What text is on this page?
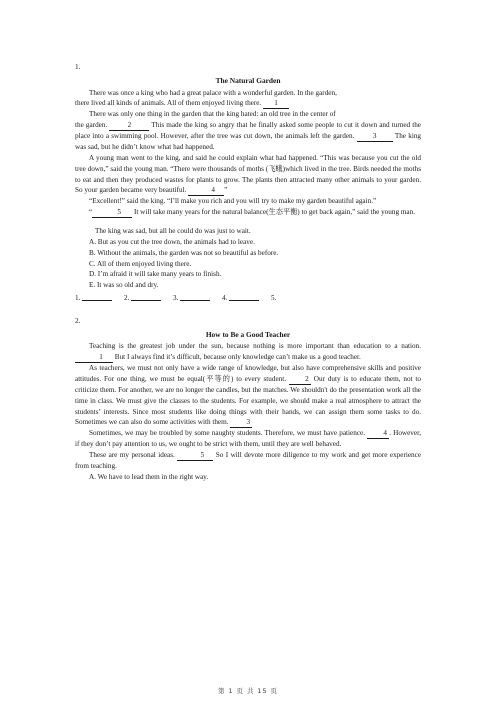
1.
The Natural Garden

There was once a king who had a great palace with a wonderful garden. In the garden,

there lived all kinds of animals. All of them enjoyed living there. 1

There was only one thing in the garden that the king hated: an old tree in the center of

the garden.	2	This made the king so angry that he finally asked some people to cut it down and turned the place into a swimming pool. However, after the tree was cut down, the animals left the garden.	3	The king was sad, but he didn’t know what had happened.

A young man went to the king, and said he could explain what had happened. “This was because you cut the old tree down,” said the young man. “There were thousands of moths (飞蛾)which lived in the tree. Birds needed the moths to eat and then they produced wastes for plants to grow. The plants then attracted many other animals to your garden. So your garden became very beautiful.	4 ”

“Excellent!” said the king. “I’ll make you rich and you will try to make my garden beautiful again.”

“	5 It will take many years for the natural balance(生态平衡) to get back again,” said the young man.

The king was sad, but all he could do was just to wait.
A. But as you cut the tree down, the animals had to leave.
B. Without the animals, the garden was not so beautiful as before.
C. All of them enjoyed living there.
D. I’m afraid it will take many years to finish.
E. It was so old and dry.
1.	2.	3.	4.	5.
2.
How to Be a Good Teacher

Teaching is the greatest job under the sun, because nothing is more important than education to a nation. 1 But I always find it’s difficult, because only knowledge can’t make us a good teacher.

As teachers, we must not only have a wide range of knowledge, but also have comprehensive skills and positive attitudes. For one thing, we must be equal(平等的) to every student.	2 Our duty is to educate them, not to criticize them. For another, we are no longer the candles, but the matches. We shouldn't do the presentation work all the time in class. We must give the classes to the students. For example, we should make a real atmosphere to attract the students’ interests. Since most students like doing things with their hands, we can assign them some tasks to do. Sometimes we can also do some activities with them.	3

Sometimes, we may be troubled by some naughty students. Therefore, we must have patience.	4 . However, if they don’t pay attention to us, we ought to be strict with them, until they are well behaved.

These are my personal ideas.	5 So I will devote more diligence to my work and get more experience from teaching.

A. We have to lead them in the right way.
第 1 页 共 15 页
